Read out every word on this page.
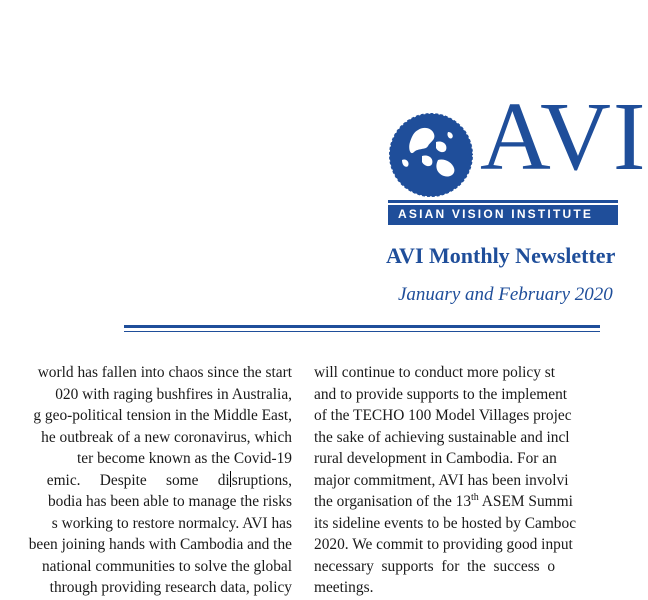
AVI
ASIAN VISION INSTITUTE
AVI Monthly Newsletter
January and February 2020
world has fallen into chaos since the start
020 with raging bushfires in Australia,
g geo-political tension in the Middle East,
he outbreak of a new coronavirus, which
ter become known as the Covid-19
emic.     Despite     some     di sruptions,
bodia has been able to manage the risks
s working to restore normalcy. AVI has
been joining hands with Cambodia and the
national communities to solve the global
through providing research data, policy
will continue to conduct more policy st
and to provide supports to the implement
of the TECHO 100 Model Villages projec
the sake of achieving sustainable and incl
rural development in Cambodia. For an
major commitment, AVI has been involvi
the organisation of the 13th ASEM Summi
its sideline events to be hosted by Camboc
2020. We commit to providing good input
necessary  supports  for  the  success  o
meetings.
